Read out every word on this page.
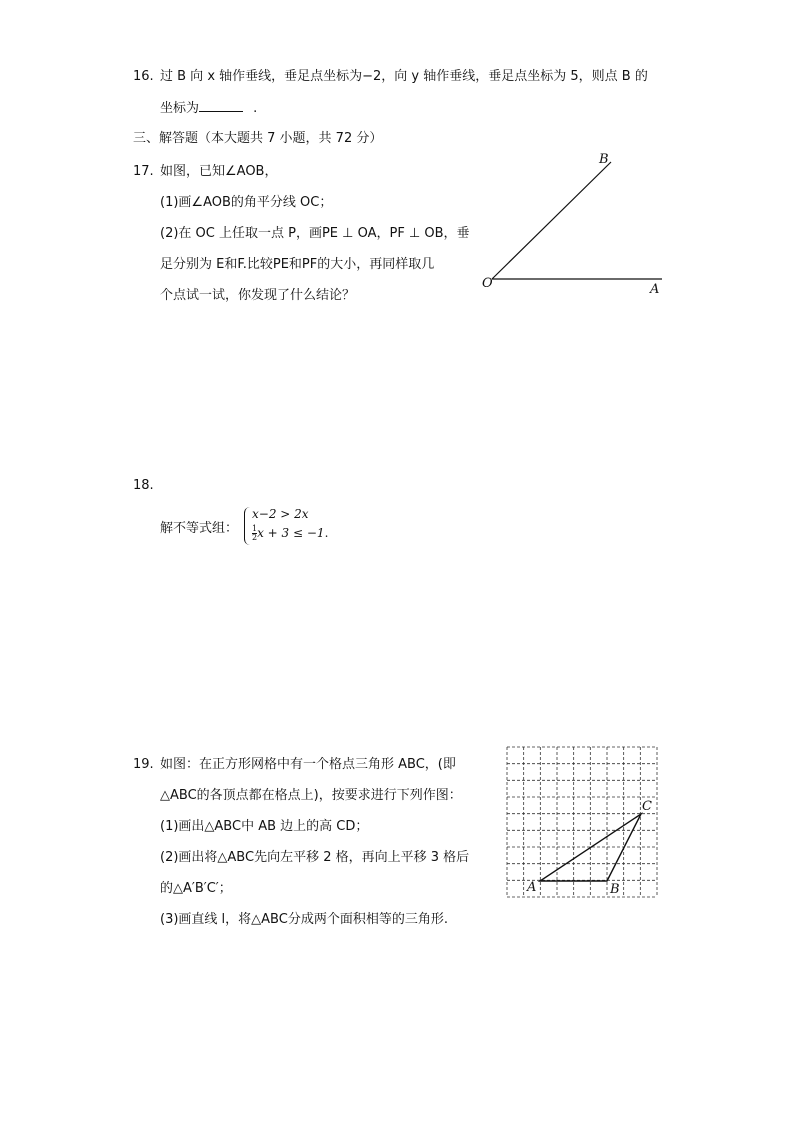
16. 过 B 向 x 轴作垂线，垂足点坐标为−2，向 y 轴作垂线，垂足点坐标为 5，则点 B 的
坐标为	.
三、解答题（本大题共 7 小题，共 72 分）
17. 如图，已知∠AOB，
(1)画∠AOB的角平分线 OC；
(2)在 OC 上任取一点 P，画PE ⊥ OA，PF ⊥ OB，垂
足分别为 E和F.比较PE和PF的大小，再同样取几
个点试一试，你发现了什么结论？
O	A
B
18.
解不等式组：
x−2 > 2x
$\frac{1}{2}$ x + 3 ≤ −1.
19. 如图：在正方形网格中有一个格点三角形 ABC，(即
△ABC的各顶点都在格点上)，按要求进行下列作图：
(1)画出△ABC中 AB 边上的高 CD；
(2)画出将△ABC先向左平移 2 格，再向上平移 3 格后
的△A′B′C′；
(3)画直线 l，将△ABC分成两个面积相等的三角形.
A	B
C
